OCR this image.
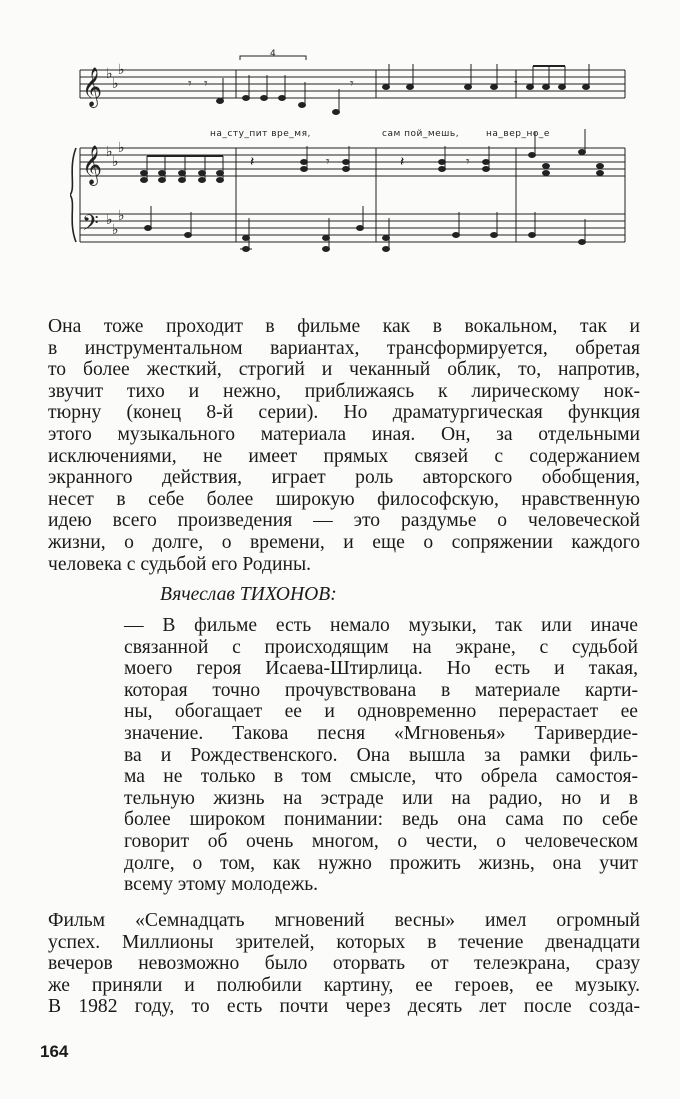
4
𝄞
𝄞
𝄢
♭
♭
♭
♭
♭
♭
♭
♭
♭
𝄾 𝄾	𝄾	𝄾
на_сту_пит вре_мя,	сам пой_мешь,	на_вер_но_е
𝄽	𝄾	𝄽	𝄾

Она тоже проходит в фильме как в вокальном, так и
в инструментальном вариантах, трансформируется, обретая
то более жесткий, строгий и чеканный облик, то, напротив,
звучит тихо и нежно, приближаясь к лирическому нок-
тюрну (конец 8-й серии). Но драматургическая функция
этого музыкального материала иная. Он, за отдельными
исключениями, не имеет прямых связей с содержанием
экранного действия, играет роль авторского обобщения,
несет в себе более широкую философскую, нравственную
идею всего произведения — это раздумье о человеческой
жизни, о долге, о времени, и еще о сопряжении каждого
человека с судьбой его Родины.

Вячеслав ТИХОНОВ:

— В фильме есть немало музыки, так или иначе
связанной с происходящим на экране, с судьбой
моего героя Исаева-Штирлица. Но есть и такая,
которая точно прочувствована в материале карти-
ны, обогащает ее и одновременно перерастает ее
значение. Такова песня «Мгновенья» Таривердие-
ва и Рождественского. Она вышла за рамки филь-
ма не только в том смысле, что обрела самостоя-
тельную жизнь на эстраде или на радио, но и в
более широком понимании: ведь она сама по себе
говорит об очень многом, о чести, о человеческом
долге, о том, как нужно прожить жизнь, она учит
всему этому молодежь.

Фильм «Семнадцать мгновений весны» имел огромный
успех. Миллионы зрителей, которых в течение двенадцати
вечеров невозможно было оторвать от телеэкрана, сразу
же приняли и полюбили картину, ее героев, ее музыку.
В 1982 году, то есть почти через десять лет после созда-

164
